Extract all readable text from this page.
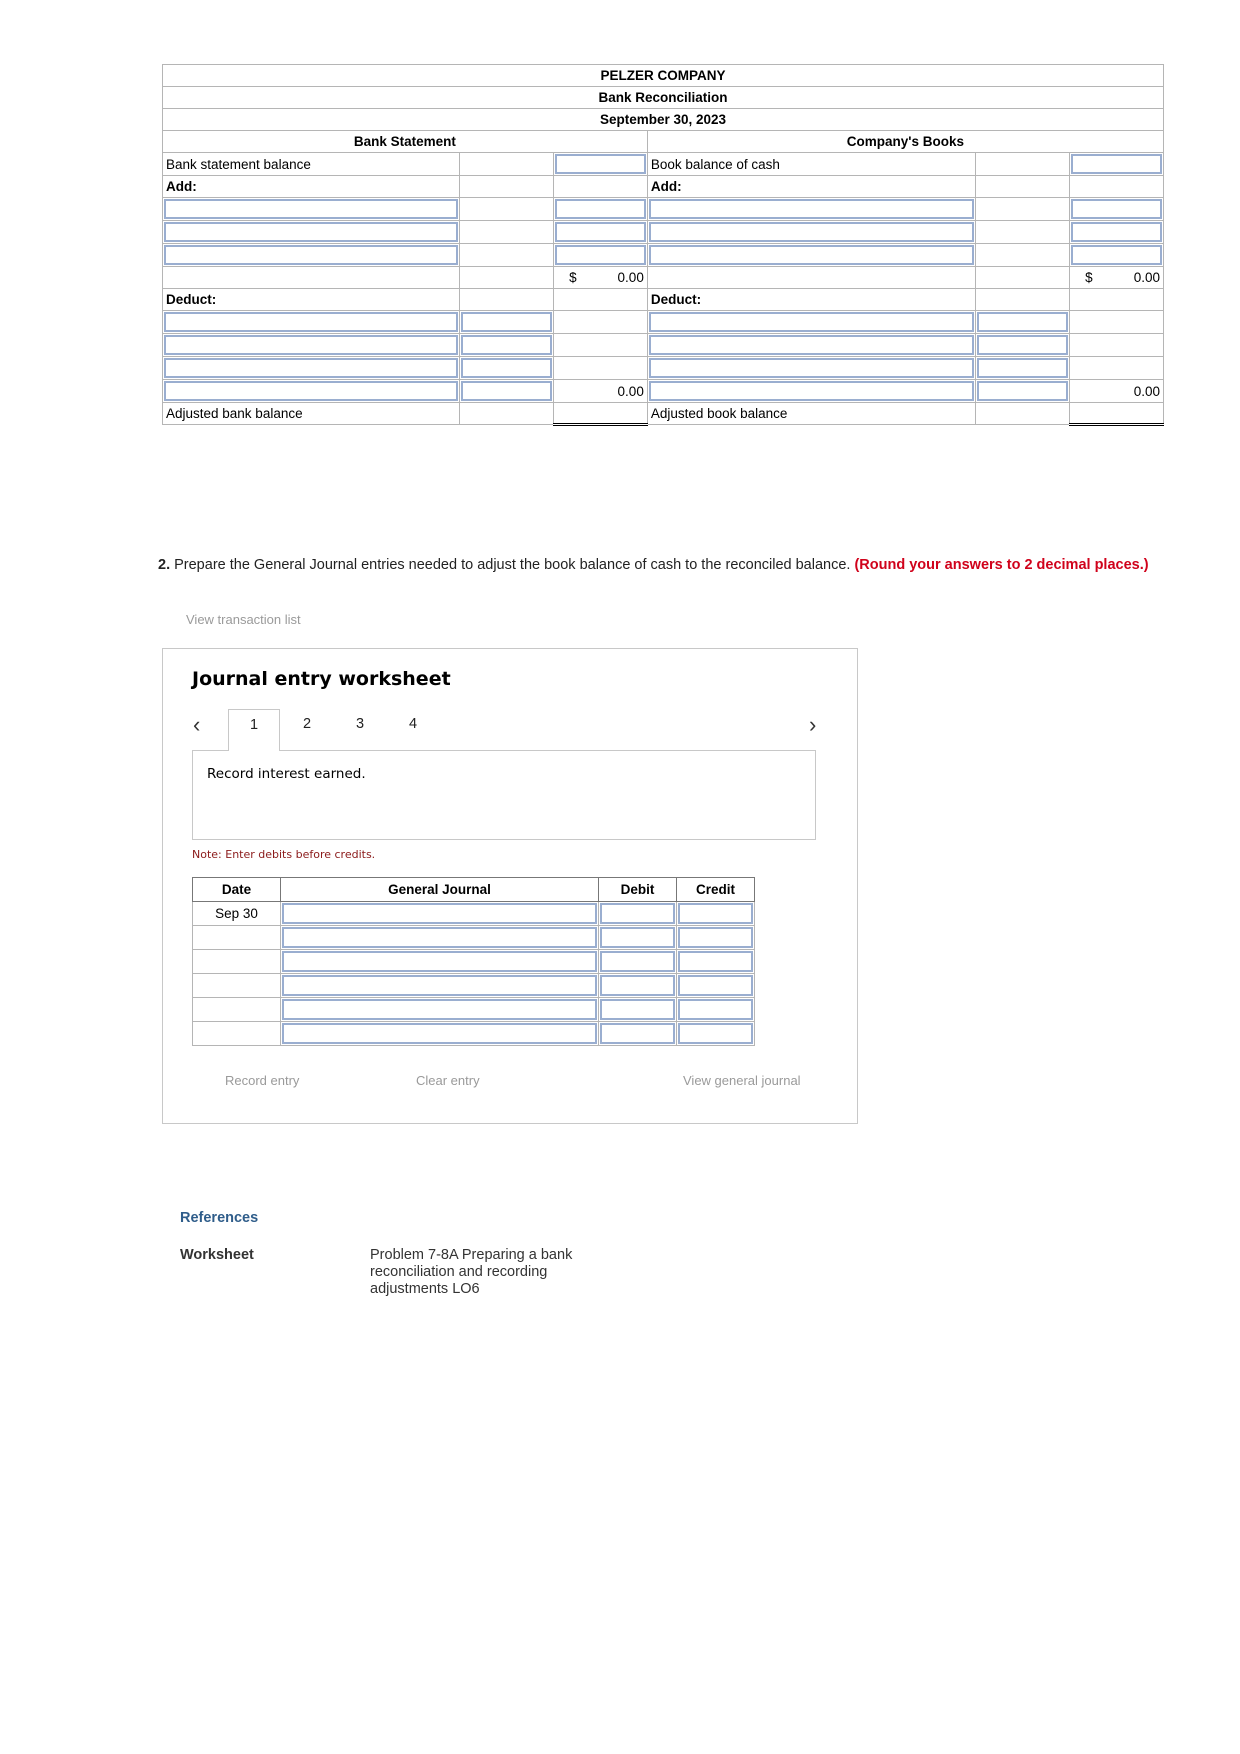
PELZER COMPANY					
Bank Reconciliation					
September 30, 2023					
Bank Statement			Company's Books		
Bank statement balance			Book balance of cash		

Add:			Add:		

		$ 0.00			$ 0.00

Deduct:			Deduct:		

	0.00			0.00
Adjusted bank balance			Adjusted book balance		
2. Prepare the General Journal entries needed to adjust the book balance of cash to the reconciled balance. (Round your answers to 2 decimal places.)
View transaction list
Journal entry worksheet
‹	1	2	3	4	›
Record interest earned.
Note: Enter debits before credits.
Date	General Journal	Debit	Credit
Sep 30	

Record entry	Clear entry	View general journal
References
Worksheet	Problem 7-8A Preparing a bank reconciliation and recording adjustments LO6
